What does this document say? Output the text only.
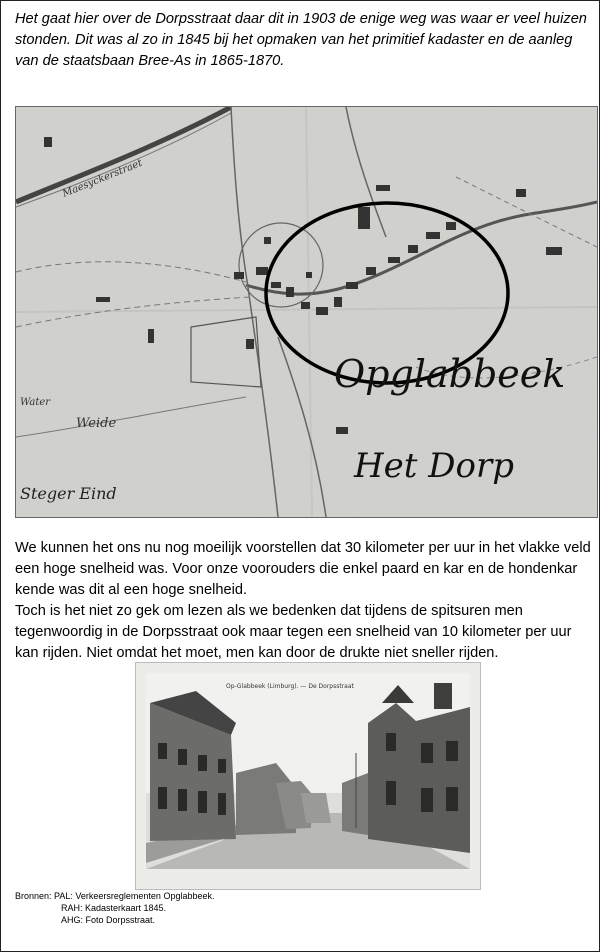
Het gaat hier over de Dorpsstraat daar dit in 1903 de enige weg was waar er veel huizen stonden. Dit was al zo in 1845 bij het opmaken van het primitief kadaster en de aanleg van de staatsbaan Bree-As in 1865-1870.

Maesyckerstraet
Opglabbeek
Het Dorp
Steger Eind
Water
Weide

We kunnen het ons nu nog moeilijk voorstellen dat 30 kilometer per uur in het vlakke veld een hoge snelheid was. Voor onze voorouders die enkel paard en kar en de hondenkar kende was dit al een hoge snelheid.

Toch is het niet zo gek om lezen als we bedenken dat tijdens de spitsuren men tegenwoordig in de Dorpsstraat ook maar tegen een snelheid van 10 kilometer per uur kan rijden. Niet omdat het moet, men kan door de drukte niet sneller rijden.

Op-Glabbeek (Limburg). — De Dorpsstraat
Bronnen: PAL: Verkeersreglementen Opglabbeek.
RAH: Kadasterkaart 1845.
AHG: Foto Dorpsstraat.
